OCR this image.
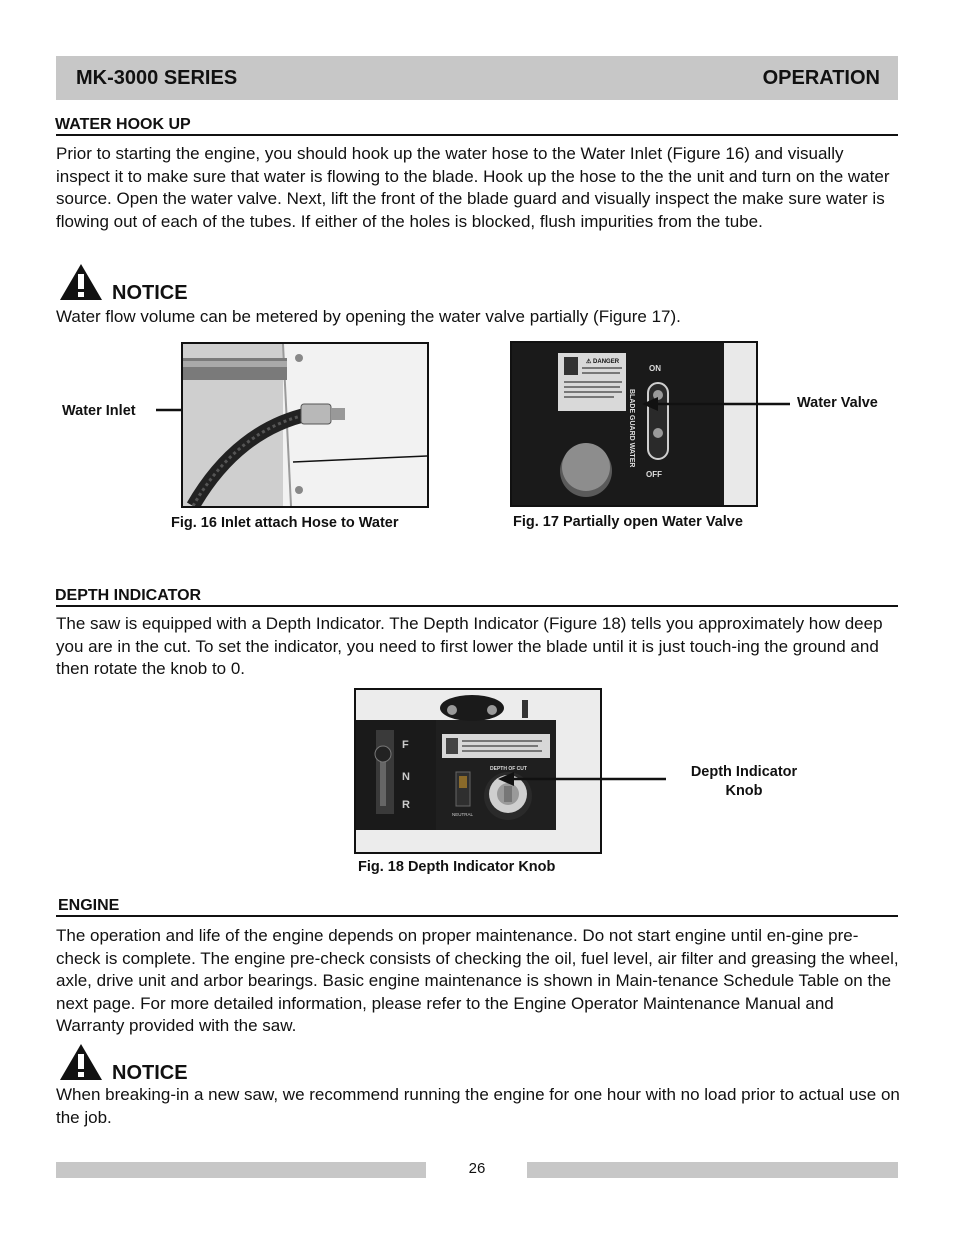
MK-3000 SERIES	OPERATION
WATER HOOK UP

Prior to starting the engine, you should hook up the water hose to the Water Inlet (Figure 16) and visually inspect it to make sure that water is flowing to the blade. Hook up the hose to the the unit and turn on the water source. Open the water valve. Next, lift the front of the blade guard and visually inspect the make sure water is flowing out of each of the tubes. If either of the holes is blocked, flush impurities from the tube.

NOTICE

Water flow volume can be metered by opening the water valve partially (Figure 17).

Water Inlet
Fig. 16 Inlet attach Hose to Water
⚠ DANGER
ON
OFF
BLADE GUARD WATER	Water Valve
Fig. 17 Partially open Water Valve
DEPTH INDICATOR

The saw is equipped with a Depth Indicator. The Depth Indicator (Figure 18) tells you approximately how deep you are in the cut. To set the indicator, you need to first lower the blade until it is just touch-ing the ground and then rotate the knob to 0.

F
N
R
NEUTRAL
DEPTH OF CUT	Depth Indicator
Knob
Fig. 18 Depth Indicator Knob
ENGINE

The operation and life of the engine depends on proper maintenance. Do not start engine until en-gine pre-check is complete. The engine pre-check consists of checking the oil, fuel level, air filter and greasing the wheel, axle, drive unit and arbor bearings. Basic engine maintenance is shown in Main-tenance Schedule Table on the next page. For more detailed information, please refer to the Engine Operator Maintenance Manual and Warranty provided with the saw.

NOTICE

When breaking-in a new saw, we recommend running the engine for one hour with no load prior to actual use on the job.

26
